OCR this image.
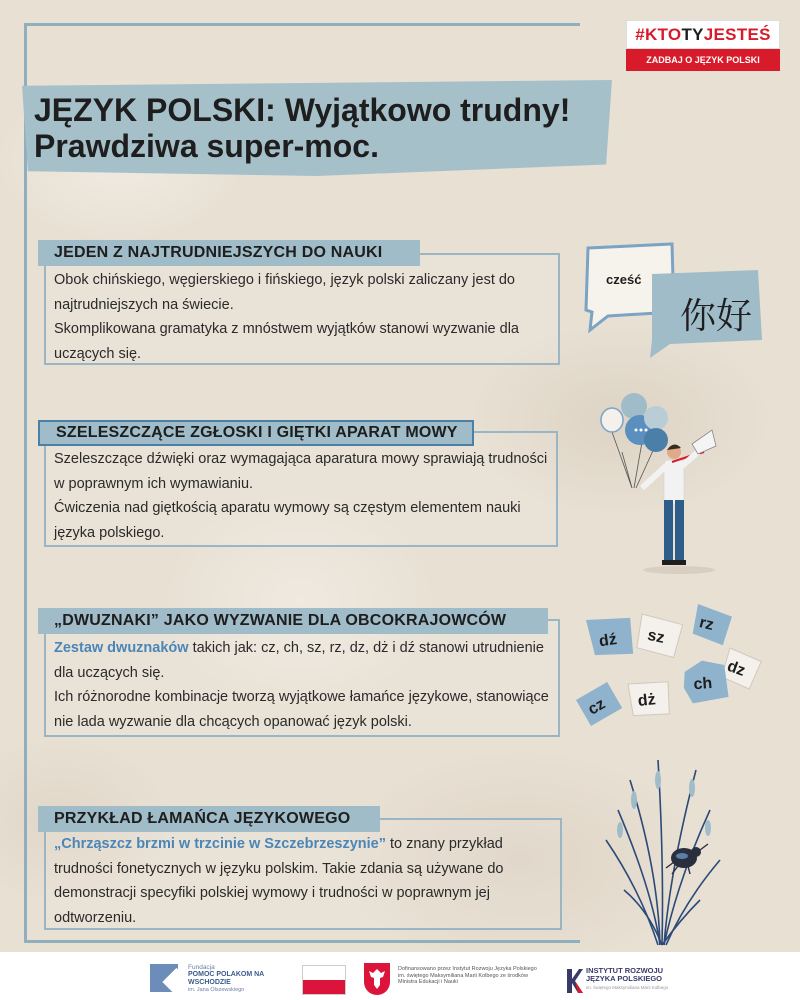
#KTOTYJESTEŚ
ZADBAJ O JĘZYK POLSKI
JĘZYK POLSKI: Wyjątkowo trudny!
Prawdziwa super-moc.
JEDEN Z NAJTRUDNIEJSZYCH DO NAUKI

Obok chińskiego, węgierskiego i fińskiego, język polski zaliczany jest do najtrudniejszych na świecie.

Skomplikowana gramatyka z mnóstwem wyjątków stanowi wyzwanie dla uczących się.

SZELESZCZĄCE ZGŁOSKI I GIĘTKI APARAT MOWY

Szeleszczące dźwięki oraz wymagająca aparatura mowy sprawiają trudności w poprawnym ich wymawianiu.

Ćwiczenia nad giętkością aparatu wymowy są częstym elementem nauki języka polskiego.

„DWUZNAKI” JAKO WYZWANIE DLA OBCOKRAJOWCÓW

Zestaw dwuznaków takich jak: cz, ch, sz, rz, dz, dż i dź stanowi utrudnienie dla uczących się.

Ich różnorodne kombinacje tworzą wyjątkowe łamańce językowe, stanowiące nie lada wyzwanie dla chcących opanować język polski.

PRZYKŁAD ŁAMAŃCA JĘZYKOWEGO

„Chrząszcz brzmi w trzcinie w Szczebrzeszynie” to znany przykład trudności fonetycznych w języku polskim. Takie zdania są używane do demonstracji specyfiki polskiej wymowy i trudności w poprawnym jej odtworzeniu.

cześć
你好
dź sz
rz
dz
ch
dż
cz
Fundacja
POMOC POLAKOM NA WSCHODZIE
im. Jana Olszewskiego
Dofinansowano przez Instytut Rozwoju Języka Polskiego im. świętego Maksymiliana Marii Kolbego ze środków Ministra Edukacji i Nauki
INSTYTUT ROZWOJU
JĘZYKA POLSKIEGO
im. świętego Maksymiliana Marii Kolbego
